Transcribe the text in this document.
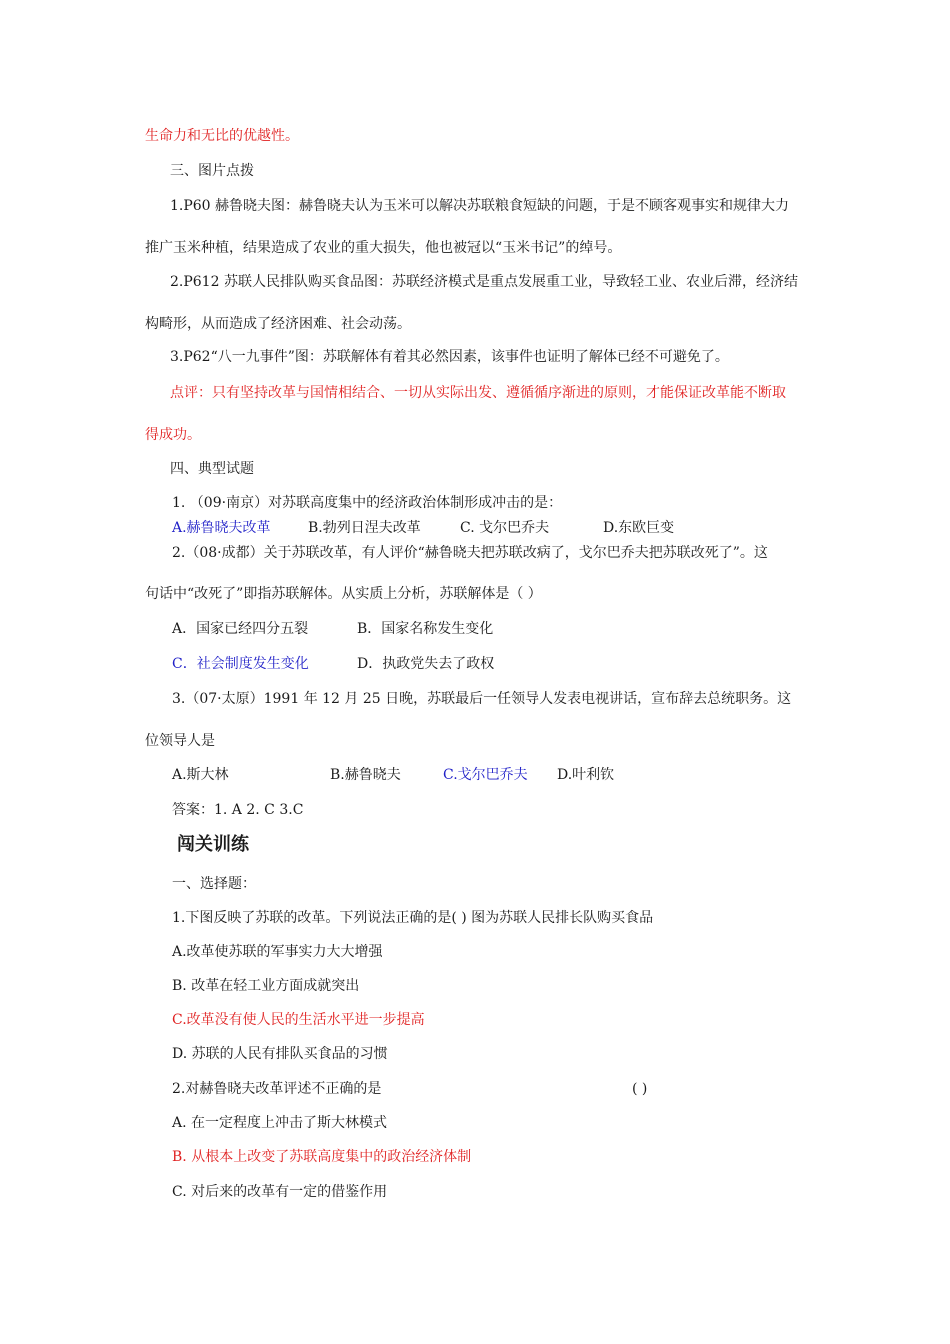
生命力和无比的优越性。
三、图片点拨
1.P60 赫鲁晓夫图：赫鲁晓夫认为玉米可以解决苏联粮食短缺的问题，于是不顾客观事实和规律大力
推广玉米种植，结果造成了农业的重大损失，他也被冠以“玉米书记”的绰号。
2.P612 苏联人民排队购买食品图：苏联经济模式是重点发展重工业，导致轻工业、农业后滞，经济结
构畸形，从而造成了经济困难、社会动荡。
3.P62“八一九事件”图：苏联解体有着其必然因素，该事件也证明了解体已经不可避免了。
点评：只有坚持改革与国情相结合、一切从实际出发、遵循循序渐进的原则，才能保证改革能不断取
得成功。
四、典型试题
1. （09·南京）对苏联高度集中的经济政治体制形成冲击的是：
A.赫鲁晓夫改革	B.勃列日涅夫改革	C. 戈尔巴乔夫	D.东欧巨变
2.（08·成都）关于苏联改革，有人评价“赫鲁晓夫把苏联改病了，戈尔巴乔夫把苏联改死了”。这
句话中“改死了”即指苏联解体。从实质上分析，苏联解体是（ ）
A．国家已经四分五裂	B．国家名称发生变化
C．社会制度发生变化	D．执政党失去了政权
3.（07·太原）1991 年 12 月 25 日晚，苏联最后一任领导人发表电视讲话，宣布辞去总统职务。这
位领导人是
A.斯大林	B.赫鲁晓夫	C.戈尔巴乔夫 D.叶利钦
答案：1. A 2. C 3.C
闯关训练
一、选择题：
1.下图反映了苏联的改革。下列说法正确的是( ) 图为苏联人民排长队购买食品
A.改革使苏联的军事实力大大增强
B. 改革在轻工业方面成就突出
C.改革没有使人民的生活水平进一步提高
D. 苏联的人民有排队买食品的习惯
2.对赫鲁晓夫改革评述不正确的是	( )
A. 在一定程度上冲击了斯大林模式
B. 从根本上改变了苏联高度集中的政治经济体制
C. 对后来的改革有一定的借鉴作用
